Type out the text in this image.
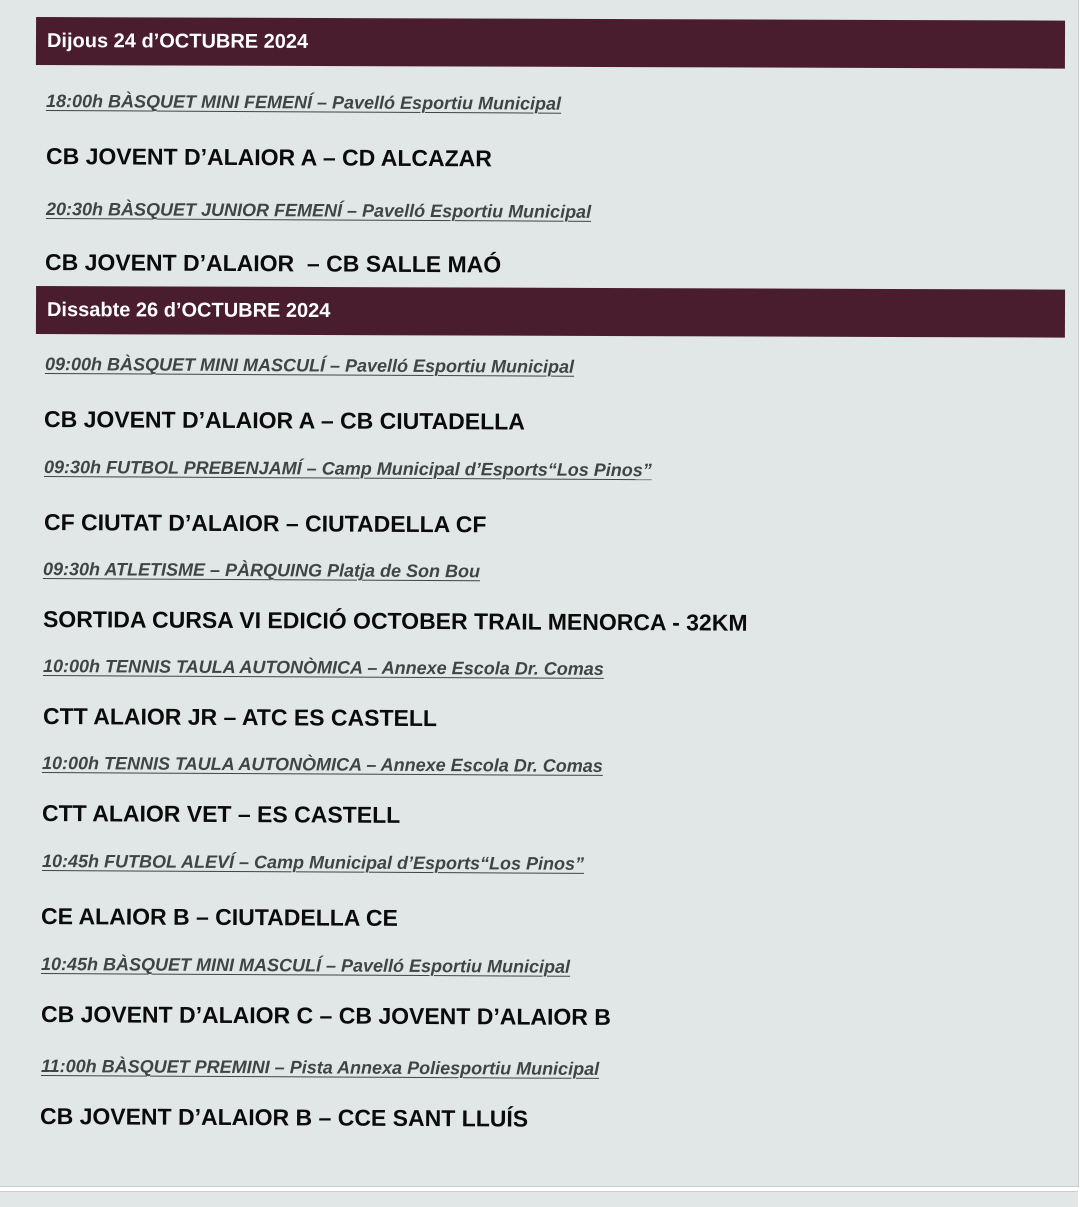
Dijous 24 d’OCTUBRE 2024
18:00h BÀSQUET MINI FEMENÍ – Pavelló Esportiu Municipal
CB JOVENT D’ALAIOR A – CD ALCAZAR
20:30h BÀSQUET JUNIOR FEMENÍ – Pavelló Esportiu Municipal
CB JOVENT D’ALAIOR  – CB SALLE MAÓ
Dissabte 26 d’OCTUBRE 2024
09:00h BÀSQUET MINI MASCULÍ – Pavelló Esportiu Municipal
CB JOVENT D’ALAIOR A – CB CIUTADELLA
09:30h FUTBOL PREBENJAMÍ – Camp Municipal d’Esports“Los Pinos”
CF CIUTAT D’ALAIOR – CIUTADELLA CF
09:30h ATLETISME – PÀRQUING Platja de Son Bou
SORTIDA CURSA VI EDICIÓ OCTOBER TRAIL MENORCA - 32KM
10:00h TENNIS TAULA AUTONÒMICA – Annexe Escola Dr. Comas
CTT ALAIOR JR – ATC ES CASTELL
10:00h TENNIS TAULA AUTONÒMICA – Annexe Escola Dr. Comas
CTT ALAIOR VET – ES CASTELL
10:45h FUTBOL ALEVÍ – Camp Municipal d’Esports“Los Pinos”
CE ALAIOR B – CIUTADELLA CE
10:45h BÀSQUET MINI MASCULÍ – Pavelló Esportiu Municipal
CB JOVENT D’ALAIOR C – CB JOVENT D’ALAIOR B
11:00h BÀSQUET PREMINI – Pista Annexa Poliesportiu Municipal
CB JOVENT D’ALAIOR B – CCE SANT LLUÍS
